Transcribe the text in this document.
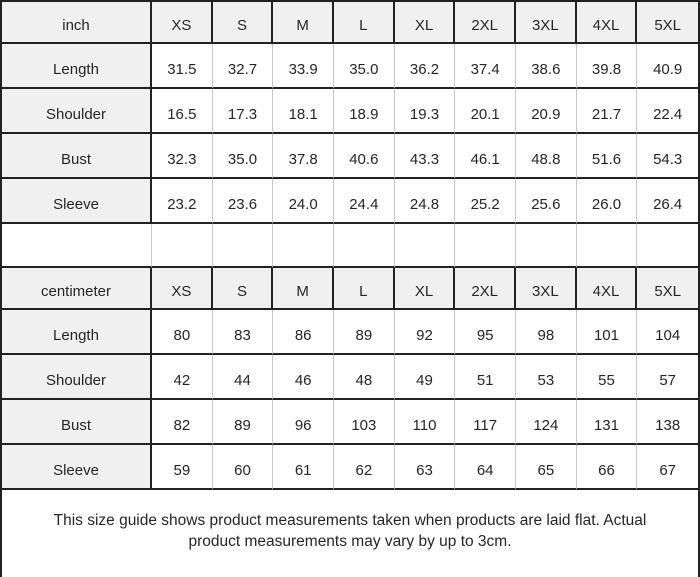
inch	XS	S	M	L	XL	2XL	3XL	4XL	5XL
Length	31.5	32.7	33.9	35.0	36.2	37.4	38.6	39.8	40.9
Shoulder	16.5	17.3	18.1	18.9	19.3	20.1	20.9	21.7	22.4
Bust	32.3	35.0	37.8	40.6	43.3	46.1	48.8	51.6	54.3
Sleeve	23.2	23.6	24.0	24.4	24.8	25.2	25.6	26.0	26.4
centimeter	XS	S	M	L	XL	2XL	3XL	4XL	5XL
Length	80	83	86	89	92	95	98	101	104
Shoulder	42	44	46	48	49	51	53	55	57
Bust	82	89	96	103	110	117	124	131	138
Sleeve	59	60	61	62	63	64	65	66	67
This size guide shows product measurements taken when products are laid flat. Actual product measurements may vary by up to 3cm.
